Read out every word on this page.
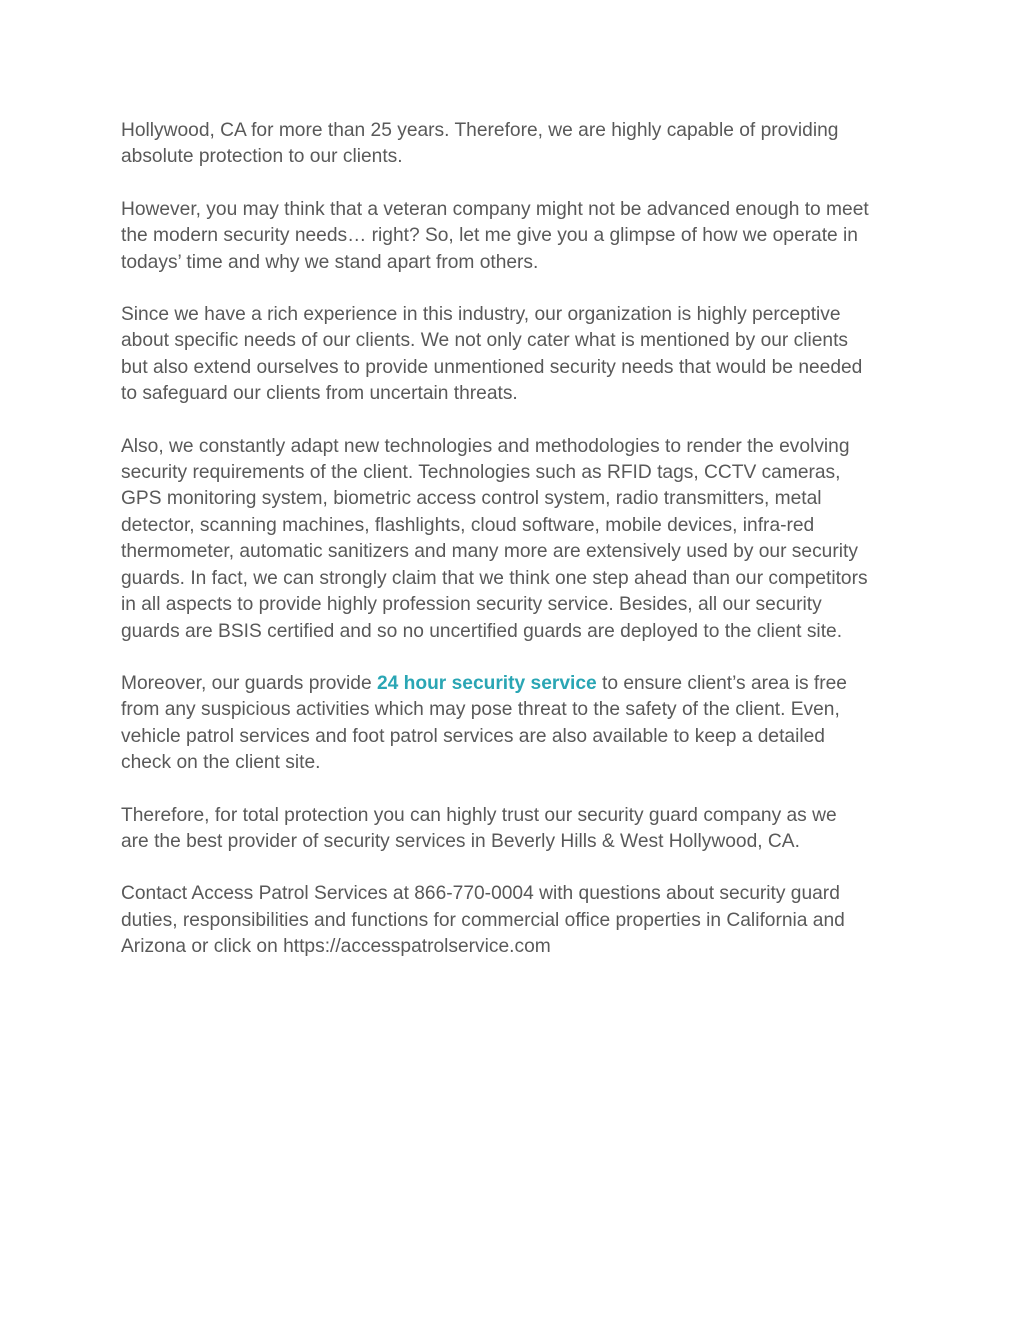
Hollywood, CA for more than 25 years. Therefore, we are highly capable of providing
absolute protection to our clients.

However, you may think that a veteran company might not be advanced enough to meet
the modern security needs… right? So, let me give you a glimpse of how we operate in
todays’ time and why we stand apart from others.

Since we have a rich experience in this industry, our organization is highly perceptive
about specific needs of our clients. We not only cater what is mentioned by our clients
but also extend ourselves to provide unmentioned security needs that would be needed
to safeguard our clients from uncertain threats.

Also, we constantly adapt new technologies and methodologies to render the evolving
security requirements of the client. Technologies such as RFID tags, CCTV cameras,
GPS monitoring system, biometric access control system, radio transmitters, metal
detector, scanning machines, flashlights, cloud software, mobile devices, infra-red
thermometer, automatic sanitizers and many more are extensively used by our security
guards. In fact, we can strongly claim that we think one step ahead than our competitors
in all aspects to provide highly profession security service. Besides, all our security
guards are BSIS certified and so no uncertified guards are deployed to the client site.

Moreover, our guards provide 24 hour security service to ensure client’s area is free
from any suspicious activities which may pose threat to the safety of the client. Even,
vehicle patrol services and foot patrol services are also available to keep a detailed
check on the client site.

Therefore, for total protection you can highly trust our security guard company as we
are the best provider of security services in Beverly Hills & West Hollywood, CA.

Contact Access Patrol Services at 866-770-0004 with questions about security guard
duties, responsibilities and functions for commercial office properties in California and
Arizona or click on https://accesspatrolservice.com
